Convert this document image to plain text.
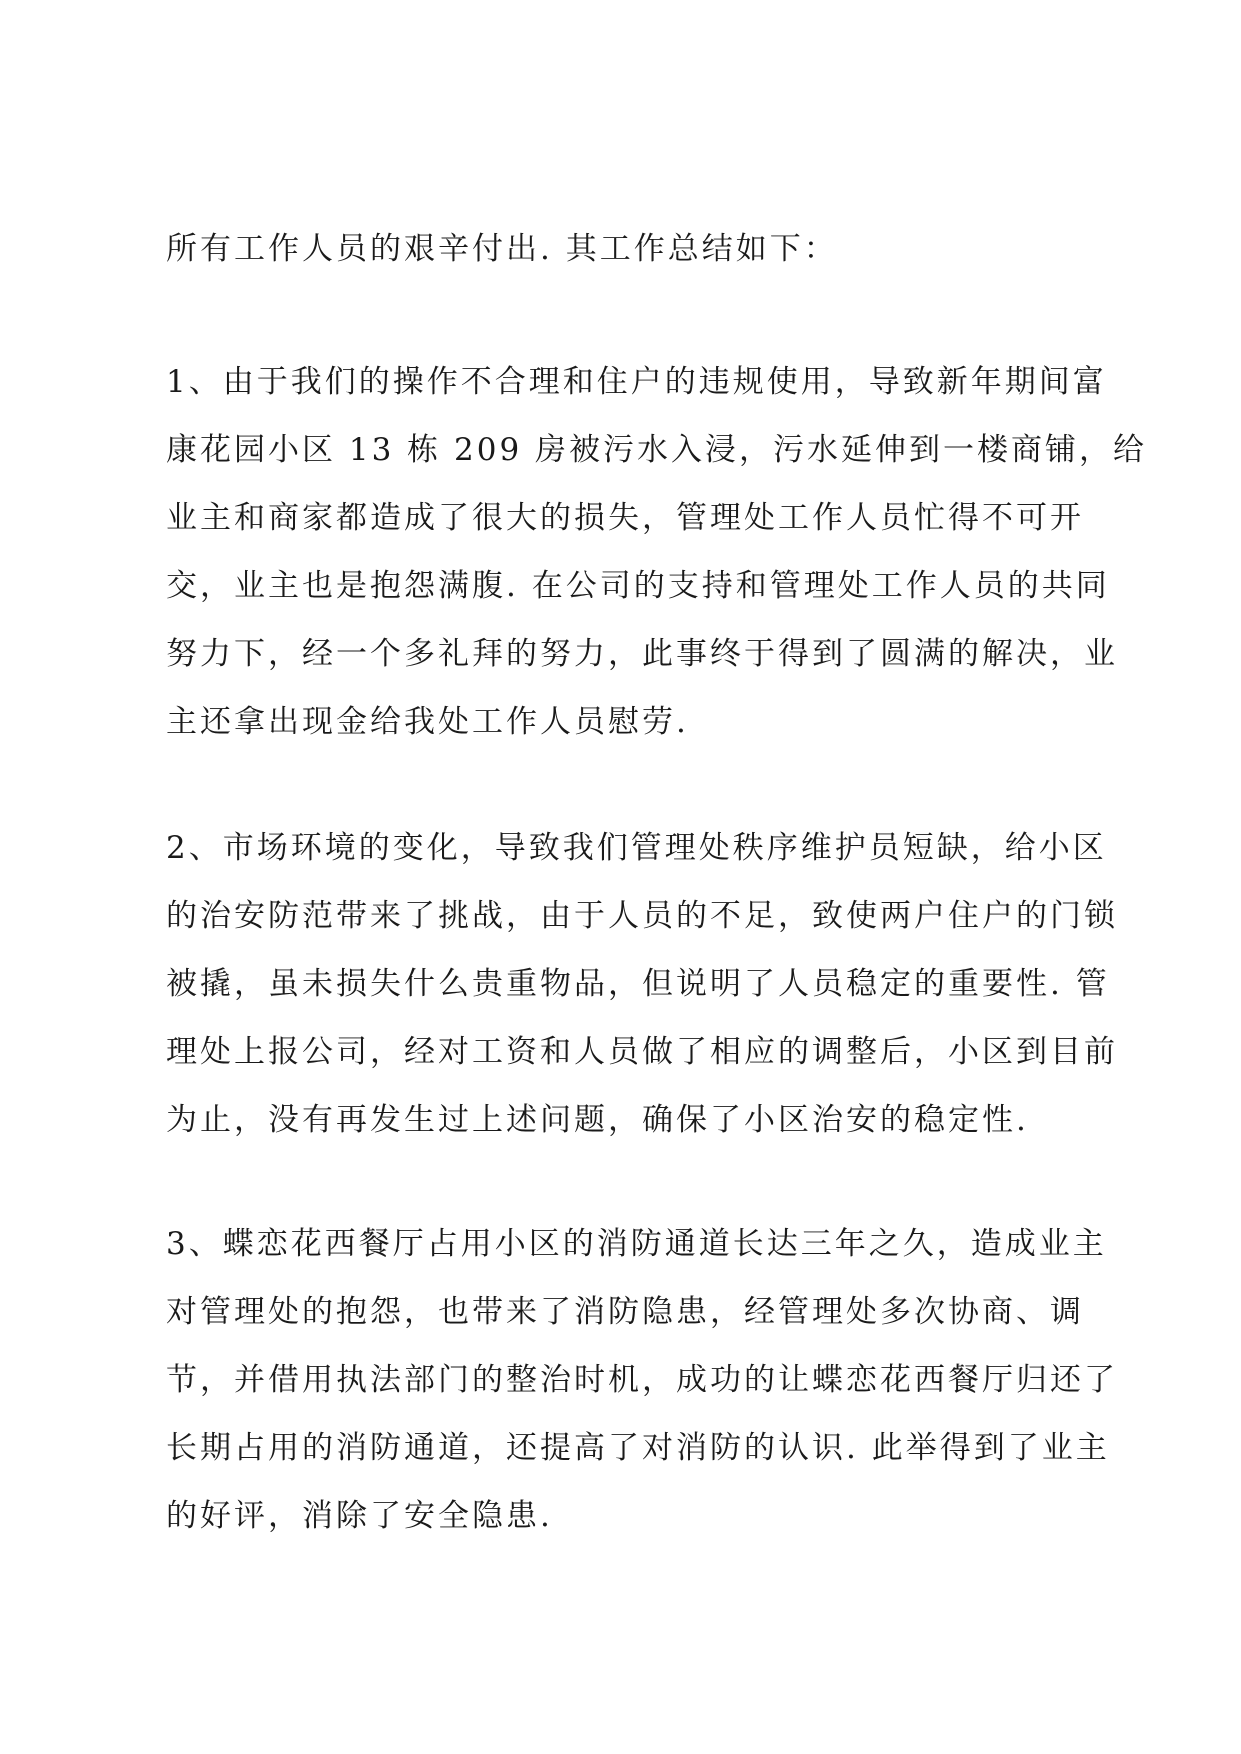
所有工作人员的艰辛付出. 其工作总结如下：

1、由于我们的操作不合理和住户的违规使用，导致新年期间富
康花园小区 13 栋 209 房被污水入浸，污水延伸到一楼商铺，给
业主和商家都造成了很大的损失，管理处工作人员忙得不可开
交，业主也是抱怨满腹. 在公司的支持和管理处工作人员的共同
努力下，经一个多礼拜的努力，此事终于得到了圆满的解决，业
主还拿出现金给我处工作人员慰劳.

2、市场环境的变化，导致我们管理处秩序维护员短缺，给小区
的治安防范带来了挑战，由于人员的不足，致使两户住户的门锁
被撬，虽未损失什么贵重物品，但说明了人员稳定的重要性. 管
理处上报公司，经对工资和人员做了相应的调整后，小区到目前
为止，没有再发生过上述问题，确保了小区治安的稳定性.

3、蝶恋花西餐厅占用小区的消防通道长达三年之久，造成业主
对管理处的抱怨，也带来了消防隐患，经管理处多次协商、调
节，并借用执法部门的整治时机，成功的让蝶恋花西餐厅归还了
长期占用的消防通道，还提高了对消防的认识. 此举得到了业主
的好评，消除了安全隐患.
